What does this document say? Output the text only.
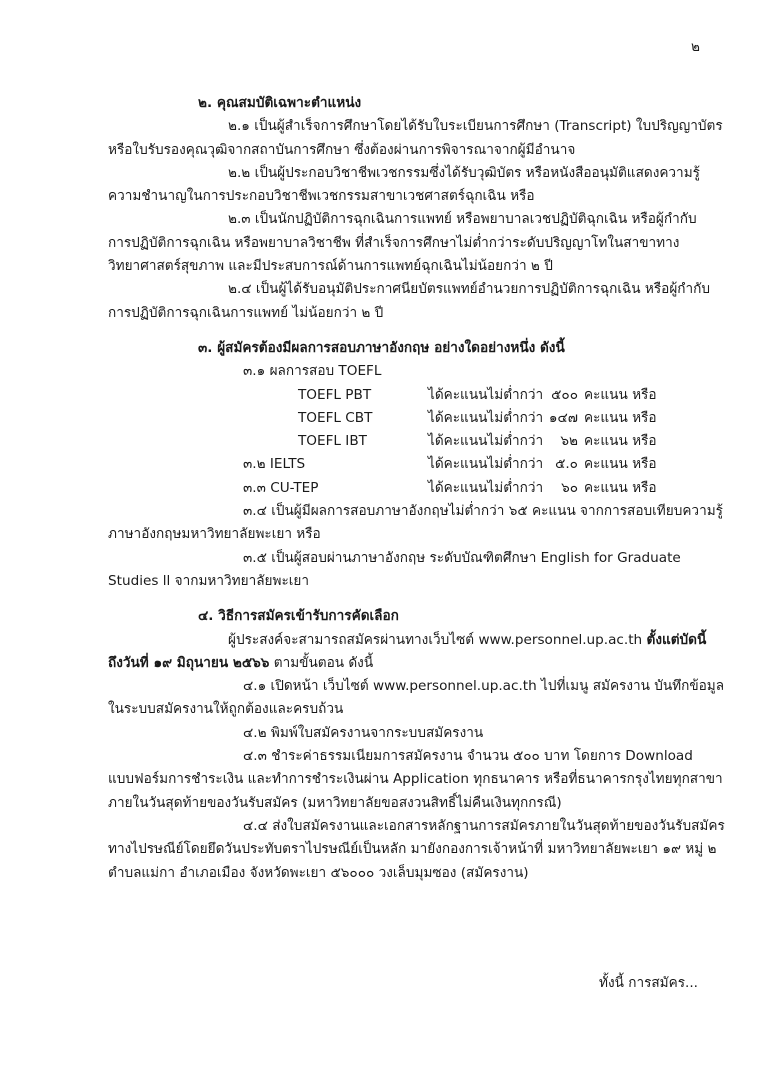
๒
๒. คุณสมบัติเฉพาะตำแหน่ง
๒.๑ เป็นผู้สำเร็จการศึกษาโดยได้รับใบระเบียนการศึกษา (Transcript) ใบปริญญาบัตร
หรือใบรับรองคุณวุฒิจากสถาบันการศึกษา ซึ่งต้องผ่านการพิจารณาจากผู้มีอำนาจ
๒.๒ เป็นผู้ประกอบวิชาชีพเวชกรรมซึ่งได้รับวุฒิบัตร หรือหนังสืออนุมัติแสดงความรู้
ความชำนาญในการประกอบวิชาชีพเวชกรรมสาขาเวชศาสตร์ฉุกเฉิน หรือ
๒.๓ เป็นนักปฏิบัติการฉุกเฉินการแพทย์ หรือพยาบาลเวชปฏิบัติฉุกเฉิน หรือผู้กำกับ
การปฏิบัติการฉุกเฉิน หรือพยาบาลวิชาชีพ ที่สำเร็จการศึกษาไม่ต่ำกว่าระดับปริญญาโทในสาขาทาง
วิทยาศาสตร์สุขภาพ และมีประสบการณ์ด้านการแพทย์ฉุกเฉินไม่น้อยกว่า ๒ ปี
๒.๔ เป็นผู้ได้รับอนุมัติประกาศนียบัตรแพทย์อำนวยการปฏิบัติการฉุกเฉิน หรือผู้กำกับ
การปฏิบัติการฉุกเฉินการแพทย์ ไม่น้อยกว่า ๒ ปี
๓. ผู้สมัครต้องมีผลการสอบภาษาอังกฤษ อย่างใดอย่างหนึ่ง ดังนี้
๓.๑ ผลการสอบ TOEFL
TOEFL PBT	ได้คะแนนไม่ต่ำกว่า ๕๐๐ คะแนน หรือ
TOEFL CBT	ได้คะแนนไม่ต่ำกว่า ๑๔๗ คะแนน หรือ
TOEFL IBT	ได้คะแนนไม่ต่ำกว่า	๖๒ คะแนน หรือ
๓.๒ IELTS	ได้คะแนนไม่ต่ำกว่า ๕.๐ คะแนน หรือ
๓.๓ CU-TEP	ได้คะแนนไม่ต่ำกว่า	๖๐ คะแนน หรือ
๓.๔ เป็นผู้มีผลการสอบภาษาอังกฤษไม่ต่ำกว่า ๖๕ คะแนน จากการสอบเทียบความรู้
ภาษาอังกฤษมหาวิทยาลัยพะเยา หรือ
๓.๕ เป็นผู้สอบผ่านภาษาอังกฤษ ระดับบัณฑิตศึกษา English for Graduate
Studies ll จากมหาวิทยาลัยพะเยา
๔. วิธีการสมัครเข้ารับการคัดเลือก
ผู้ประสงค์จะสามารถสมัครผ่านทางเว็บไซต์ www.personnel.up.ac.th ตั้งแต่บัดนี้
ถึงวันที่ ๑๙ มิถุนายน ๒๕๖๖ ตามขั้นตอน ดังนี้
๔.๑ เปิดหน้า เว็บไซต์ www.personnel.up.ac.th ไปที่เมนู สมัครงาน บันทึกข้อมูล
ในระบบสมัครงานให้ถูกต้องและครบถ้วน
๔.๒ พิมพ์ใบสมัครงานจากระบบสมัครงาน
๔.๓ ชำระค่าธรรมเนียมการสมัครงาน จำนวน ๕๐๐ บาท โดยการ Download
แบบฟอร์มการชำระเงิน และทำการชำระเงินผ่าน Application ทุกธนาคาร หรือที่ธนาคารกรุงไทยทุกสาขา
ภายในวันสุดท้ายของวันรับสมัคร (มหาวิทยาลัยขอสงวนสิทธิ์ไม่คืนเงินทุกกรณี)
๔.๔ ส่งใบสมัครงานและเอกสารหลักฐานการสมัครภายในวันสุดท้ายของวันรับสมัคร
ทางไปรษณีย์โดยยึดวันประทับตราไปรษณีย์เป็นหลัก มายังกองการเจ้าหน้าที่ มหาวิทยาลัยพะเยา ๑๙ หมู่ ๒
ตำบลแม่กา อำเภอเมือง จังหวัดพะเยา ๕๖๐๐๐ วงเล็บมุมซอง (สมัครงาน)
ทั้งนี้ การสมัคร...
